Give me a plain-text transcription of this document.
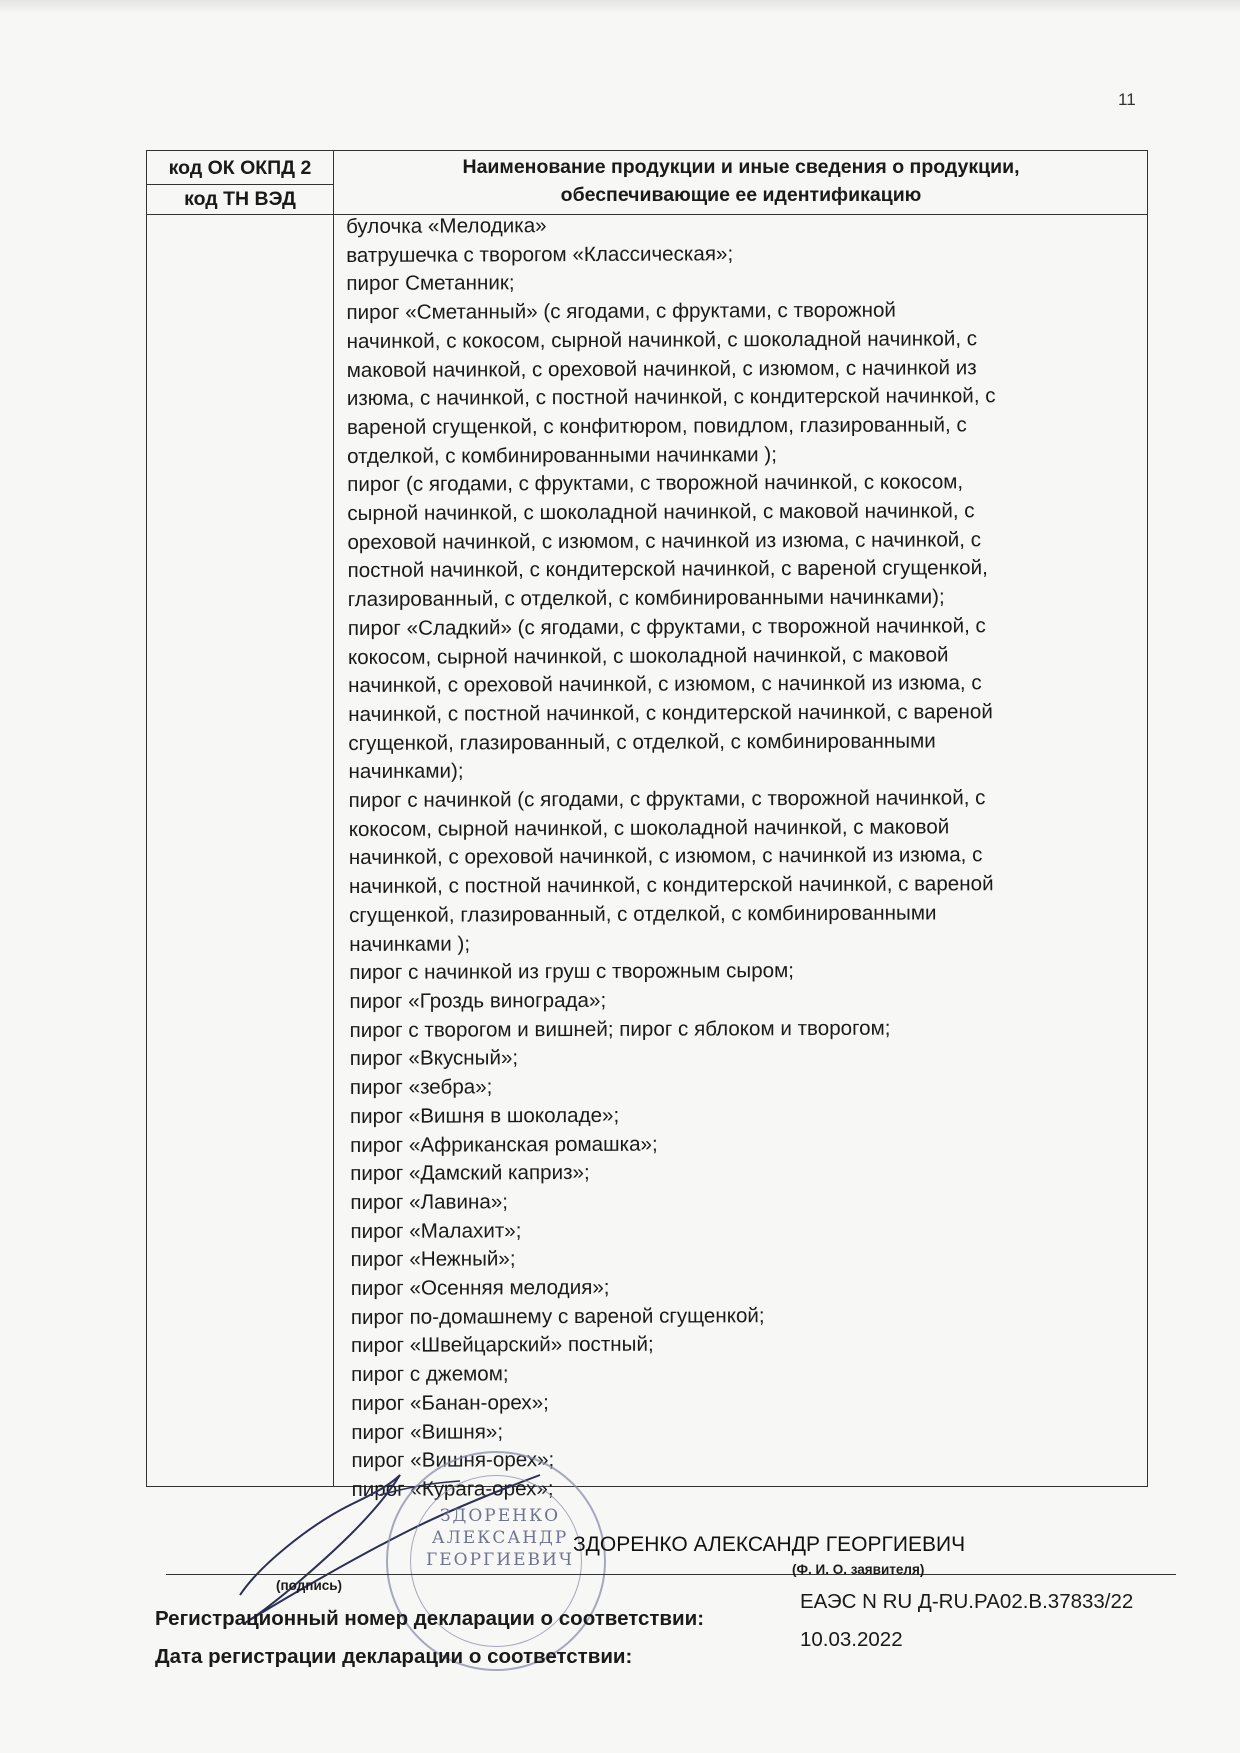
11
код ОК ОКПД 2
код ТН ВЭД
Наименование продукции и иные сведения о продукции,
обеспечивающие ее идентификацию
булочка «Мелодика»
ватрушечка с творогом «Классическая»;
пирог Сметанник;
пирог «Сметанный» (с ягодами, с фруктами, с творожной
начинкой, с кокосом, сырной начинкой, с шоколадной начинкой, с
маковой начинкой, с ореховой начинкой, с изюмом, с начинкой из
изюма, с начинкой, с постной начинкой, с кондитерской начинкой, с
вареной сгущенкой, с конфитюром, повидлом, глазированный, с
отделкой, с комбинированными начинками );
пирог (с ягодами, с фруктами, с творожной начинкой, с кокосом,
сырной начинкой, с шоколадной начинкой, с маковой начинкой, с
ореховой начинкой, с изюмом, с начинкой из изюма, с начинкой, с
постной начинкой, с кондитерской начинкой, с вареной сгущенкой,
глазированный, с отделкой, с комбинированными начинками);
пирог «Сладкий» (с ягодами, с фруктами, с творожной начинкой, с
кокосом, сырной начинкой, с шоколадной начинкой, с маковой
начинкой, с ореховой начинкой, с изюмом, с начинкой из изюма, с
начинкой, с постной начинкой, с кондитерской начинкой, с вареной
сгущенкой, глазированный, с отделкой, с комбинированными
начинками);
пирог с начинкой (с ягодами, с фруктами, с творожной начинкой, с
кокосом, сырной начинкой, с шоколадной начинкой, с маковой
начинкой, с ореховой начинкой, с изюмом, с начинкой из изюма, с
начинкой, с постной начинкой, с кондитерской начинкой, с вареной
сгущенкой, глазированный, с отделкой, с комбинированными
начинками );
пирог с начинкой из груш с творожным сыром;
пирог «Гроздь винограда»;
пирог с творогом и вишней; пирог с яблоком и творогом;
пирог «Вкусный»;
пирог «зебра»;
пирог «Вишня в шоколаде»;
пирог «Африканская ромашка»;
пирог «Дамский каприз»;
пирог «Лавина»;
пирог «Малахит»;
пирог «Нежный»;
пирог «Осенняя мелодия»;
пирог по-домашнему с вареной сгущенкой;
пирог «Швейцарский» постный;
пирог с джемом;
пирог «Банан-орех»;
пирог «Вишня»;
пирог «Вишня-орех»;
пирог «Курага-орех»;
ЗДОРЕНКО
АЛЕКСАНДР
ГЕОРГИЕВИЧ
ЗДОРЕНКО АЛЕКСАНДР ГЕОРГИЕВИЧ
(подпись)
(Ф. И. О. заявителя)
Регистрационный номер декларации о соответствии:
ЕАЭС N RU Д-RU.РА02.В.37833/22
Дата регистрации декларации о соответствии:
10.03.2022
